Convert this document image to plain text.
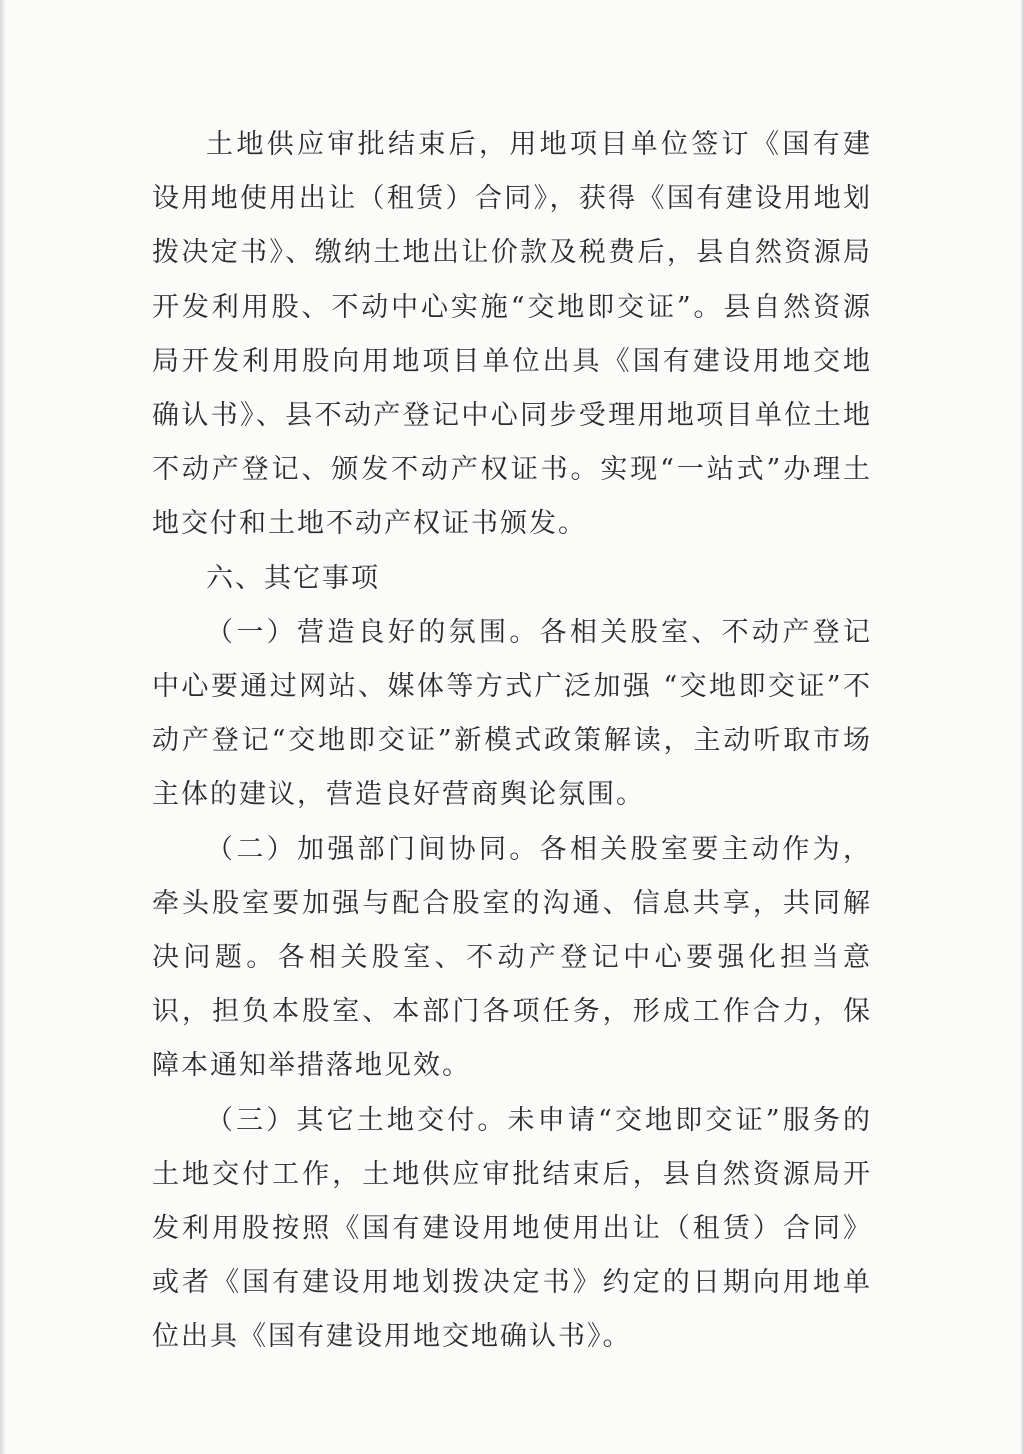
土地供应审批结束后，用地项目单位签订《国有建设用地使用出让（租赁）合同》，获得《国有建设用地划拨决定书》、缴纳土地出让价款及税费后，县自然资源局开发利用股、不动中心实施“交地即交证”。县自然资源局开发利用股向用地项目单位出具《国有建设用地交地确认书》、县不动产登记中心同步受理用地项目单位土地不动产登记、颁发不动产权证书。实现“一站式”办理土地交付和土地不动产权证书颁发。

六、其它事项

（一）营造良好的氛围。各相关股室、不动产登记中心要通过网站、媒体等方式广泛加强 “交地即交证”不动产登记“交地即交证”新模式政策解读，主动听取市场主体的建议，营造良好营商舆论氛围。

（二）加强部门间协同。各相关股室要主动作为，牵头股室要加强与配合股室的沟通、信息共享，共同解决问题。各相关股室、不动产登记中心要强化担当意识，担负本股室、本部门各项任务，形成工作合力，保障本通知举措落地见效。

（三）其它土地交付。未申请“交地即交证”服务的土地交付工作，土地供应审批结束后，县自然资源局开发利用股按照《国有建设用地使用出让（租赁）合同》或者《国有建设用地划拨决定书》约定的日期向用地单位出具《国有建设用地交地确认书》。
